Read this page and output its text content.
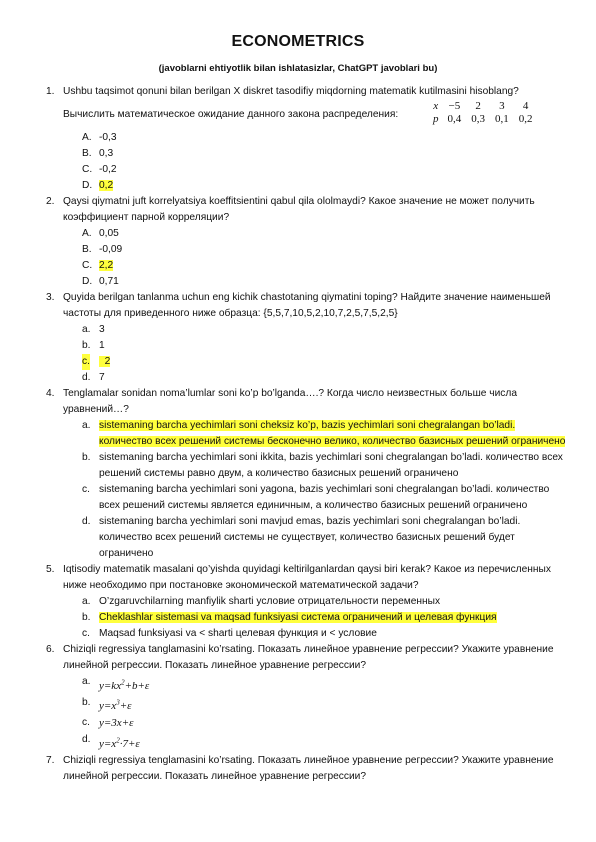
ECONOMETRICS
(javoblarni ehtiyotlik bilan ishlatasizlar, ChatGPT javoblari bu)
1. Ushbu taqsimot qonuni bilan berilgan X diskret tasodifiy miqdorning matematik kutilmasini hisoblang?
Вычислить математическое ожидание данного закона распределения:
x	−5	2	3	4
p	0,4	0,3	0,1	0,2
A. -0,3
B. 0,3
C. -0,2
D. 0,2
2. Qaysi qiymatni juft korrelyatsiya koeffitsientini qabul qila ololmaydi? Какое значение не может получить коэффициент парной корреляции?
A. 0,05
B. -0,09
C. 2,2
D. 0,71
3. Quyida berilgan tanlanma uchun eng kichik chastotaning qiymatini toping? Найдите значение наименьшей частоты для приведенного ниже образца: {5,5,7,10,5,2,10,7,2,5,7,5,2,5}
a. 3
b. 1
c. 2
d. 7
4. Tenglamalar sonidan noma’lumlar soni ko’p bo’lganda….? Когда число неизвестных больше числа уравнений…?
a. sistemaning barcha yechimlari soni cheksiz ko’p, bazis yechimlari soni chegralangan bo’ladi. количество всех решений системы бесконечно велико, количество базисных решений ограничено
b. sistemaning barcha yechimlari soni ikkita, bazis yechimlari soni chegralangan bo’ladi. количество всех решений системы равно двум, а количество базисных решений ограничено
c. sistemaning barcha yechimlari soni yagona, bazis yechimlari soni chegralangan bo’ladi. количество всех решений системы является единичным, а количество базисных решений ограничено
d. sistemaning barcha yechimlari soni mavjud emas, bazis yechimlari soni chegralangan bo’ladi. количество всех решений системы не существует, количество базисных решений будет ограничено
5. Iqtisodiy matematik masalani qo’yishda quyidagi keltirilganlardan qaysi biri kerak? Какое из перечисленных ниже необходимо при постановке экономической математической задачи?
a. O’zgaruvchilarning manfiylik sharti условие отрицательности переменных
b. Cheklashlar sistemasi va maqsad funksiyasi система ограничений и целевая функция
c. Maqsad funksiyasi va < sharti целевая функция и < условие
6. Chiziqli regressiya tanglamasini ko’rsating. Показать линейное уравнение регрессии? Укажите уравнение линейной регрессии. Показать линейное уравнение регрессии?
a. $y=kx^2+b+\varepsilon$
b. $y=x^3+\varepsilon$
c. y=3x+ε
d. $y=x^2\cdot 7+\varepsilon$
7. Chiziqli regressiya tenglamasini ko’rsating. Показать линейное уравнение регрессии? Укажите уравнение линейной регрессии. Показать линейное уравнение регрессии?
